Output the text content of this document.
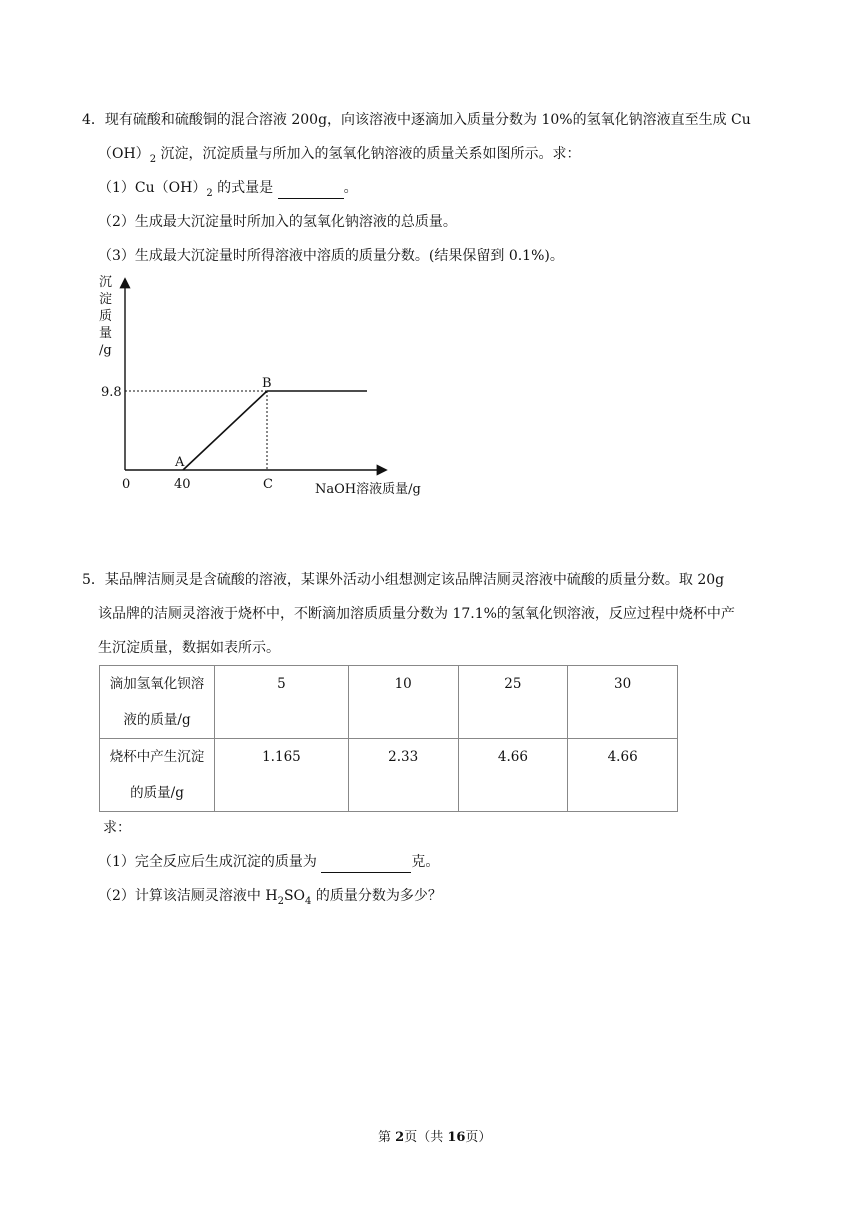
4．现有硫酸和硫酸铜的混合溶液 200g，向该溶液中逐滴加入质量分数为 10%的氢氧化钠溶液直至生成 Cu
$(OH)_2$ 沉淀，沉淀质量与所加入的氢氧化钠溶液的质量关系如图所示。求：
$(1)Cu(OH)_2$ 的式量是	。
（2）生成最大沉淀量时所加入的氢氧化钠溶液的总质量。
（3）生成最大沉淀量时所得溶液中溶质的质量分数。(结果保留到 0.1%)。
沉
淀
质
量
/g
9.8
B
A
0	40	C	NaOH溶液质量/g
5．某品牌洁厕灵是含硫酸的溶液，某课外活动小组想测定该品牌洁厕灵溶液中硫酸的质量分数。取 20g
该品牌的洁厕灵溶液于烧杯中，不断滴加溶质质量分数为 17.1%的氢氧化钡溶液，反应过程中烧杯中产
生沉淀质量，数据如表所示。
滴加氢氧化钡溶
液的质量/g	5	10	25	30

烧杯中产生沉淀
的质量/g	1.165	2.33	4.66	4.66
求：
（1）完全反应后生成沉淀的质量为	克。
（2）计算该洁厕灵溶液中 $H_2SO_4$ 的质量分数为多少？
第 2页（共 16页）
